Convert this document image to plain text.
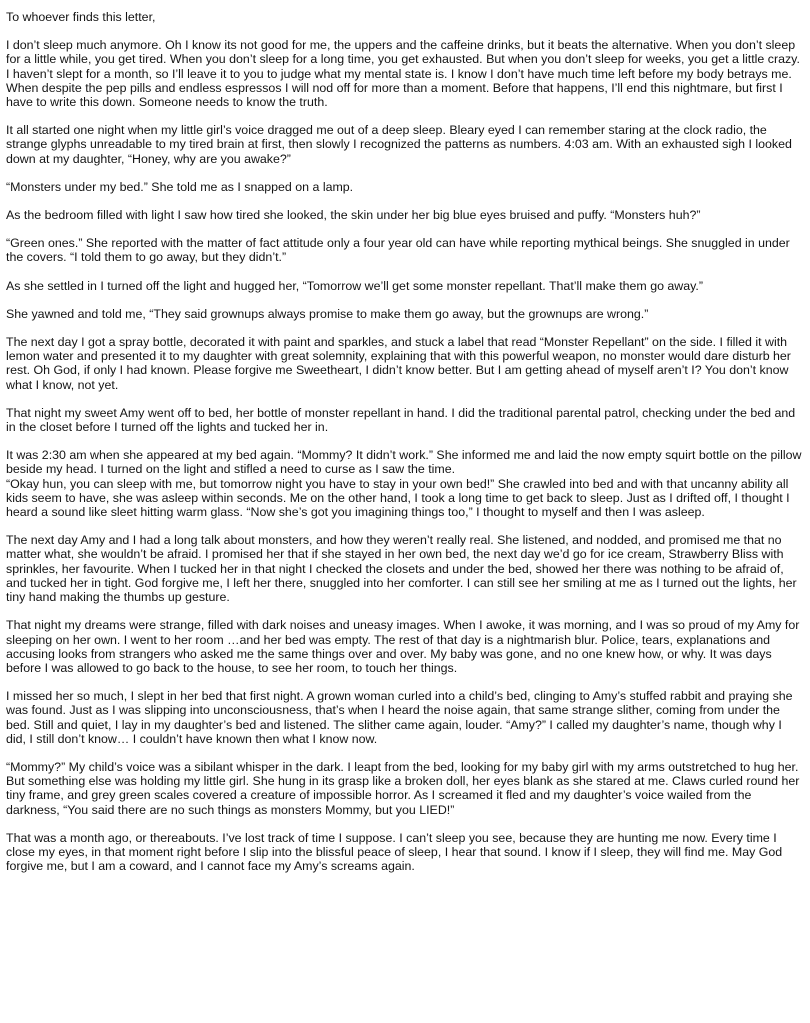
To whoever finds this letter,

I don’t sleep much anymore. Oh I know its not good for me, the uppers and the caffeine drinks, but it beats the alternative. When you don’t sleep for a little while, you get tired. When you don’t sleep for a long time, you get exhausted. But when you don’t sleep for weeks, you get a little crazy. I haven’t slept for a month, so I’ll leave it to you to judge what my mental state is. I know I don’t have much time left before my body betrays me. When despite the pep pills and endless espressos I will nod off for more than a moment. Before that happens, I’ll end this nightmare, but first I have to write this down. Someone needs to know the truth.

It all started one night when my little girl’s voice dragged me out of a deep sleep. Bleary eyed I can remember staring at the clock radio, the strange glyphs unreadable to my tired brain at first, then slowly I recognized the patterns as numbers. 4:03 am. With an exhausted sigh I looked down at my daughter, “Honey, why are you awake?”

“Monsters under my bed.” She told me as I snapped on a lamp.

As the bedroom filled with light I saw how tired she looked, the skin under her big blue eyes bruised and puffy. “Monsters huh?”

“Green ones.” She reported with the matter of fact attitude only a four year old can have while reporting mythical beings. She snuggled in under the covers. “I told them to go away, but they didn’t.”

As she settled in I turned off the light and hugged her, “Tomorrow we’ll get some monster repellant. That’ll make them go away.”

She yawned and told me, “They said grownups always promise to make them go away, but the grownups are wrong.”

The next day I got a spray bottle, decorated it with paint and sparkles, and stuck a label that read “Monster Repellant” on the side. I filled it with lemon water and presented it to my daughter with great solemnity, explaining that with this powerful weapon, no monster would dare disturb her rest. Oh God, if only I had known. Please forgive me Sweetheart, I didn’t know better. But I am getting ahead of myself aren’t I? You don’t know what I know, not yet.

That night my sweet Amy went off to bed, her bottle of monster repellant in hand. I did the traditional parental patrol, checking under the bed and in the closet before I turned off the lights and tucked her in.

It was 2:30 am when she appeared at my bed again. “Mommy? It didn’t work.” She informed me and laid the now empty squirt bottle on the pillow beside my head. I turned on the light and stifled a need to curse as I saw the time.

“Okay hun, you can sleep with me, but tomorrow night you have to stay in your own bed!” She crawled into bed and with that uncanny ability all kids seem to have, she was asleep within seconds. Me on the other hand, I took a long time to get back to sleep. Just as I drifted off, I thought I heard a sound like sleet hitting warm glass. “Now she’s got you imagining things too,” I thought to myself and then I was asleep.

The next day Amy and I had a long talk about monsters, and how they weren’t really real. She listened, and nodded, and promised me that no matter what, she wouldn’t be afraid. I promised her that if she stayed in her own bed, the next day we’d go for ice cream, Strawberry Bliss with sprinkles, her favourite. When I tucked her in that night I checked the closets and under the bed, showed her there was nothing to be afraid of, and tucked her in tight. God forgive me, I left her there, snuggled into her comforter. I can still see her smiling at me as I turned out the lights, her tiny hand making the thumbs up gesture.

That night my dreams were strange, filled with dark noises and uneasy images. When I awoke, it was morning, and I was so proud of my Amy for sleeping on her own. I went to her room …and her bed was empty. The rest of that day is a nightmarish blur. Police, tears, explanations and accusing looks from strangers who asked me the same things over and over. My baby was gone, and no one knew how, or why. It was days before I was allowed to go back to the house, to see her room, to touch her things.

I missed her so much, I slept in her bed that first night. A grown woman curled into a child’s bed, clinging to Amy’s stuffed rabbit and praying she was found. Just as I was slipping into unconsciousness, that’s when I heard the noise again, that same strange slither, coming from under the bed. Still and quiet, I lay in my daughter’s bed and listened. The slither came again, louder. “Amy?” I called my daughter’s name, though why I did, I still don’t know… I couldn’t have known then what I know now.

“Mommy?” My child’s voice was a sibilant whisper in the dark. I leapt from the bed, looking for my baby girl with my arms outstretched to hug her. But something else was holding my little girl. She hung in its grasp like a broken doll, her eyes blank as she stared at me. Claws curled round her tiny frame, and grey green scales covered a creature of impossible horror. As I screamed it fled and my daughter’s voice wailed from the darkness, “You said there are no such things as monsters Mommy, but you LIED!”

That was a month ago, or thereabouts. I’ve lost track of time I suppose. I can’t sleep you see, because they are hunting me now. Every time I close my eyes, in that moment right before I slip into the blissful peace of sleep, I hear that sound. I know if I sleep, they will find me. May God forgive me, but I am a coward, and I cannot face my Amy’s screams again.
